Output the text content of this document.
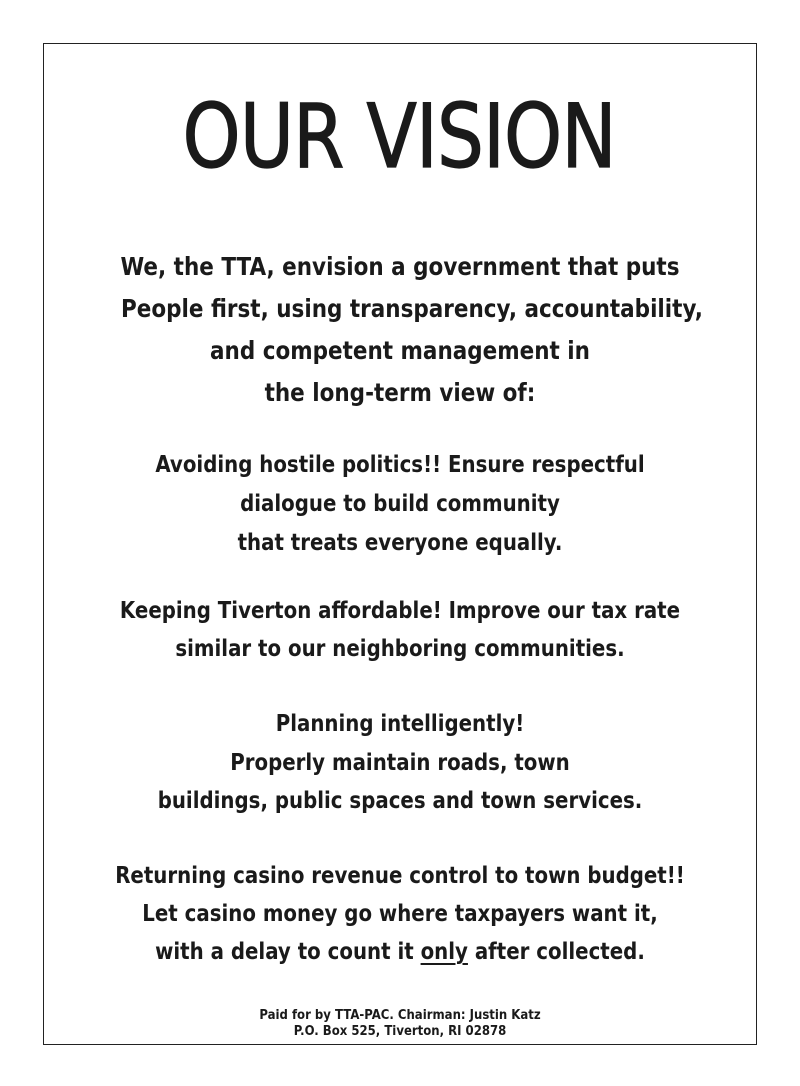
OUR VISION
We, the TTA, envision a government that puts
People first, using transparency, accountability,
and competent management in
the long-term view of:
Avoiding hostile politics!! Ensure respectful
dialogue to build community
that treats everyone equally.
Keeping Tiverton affordable! Improve our tax rate
similar to our neighboring communities.
Planning intelligently!
Properly maintain roads, town
buildings, public spaces and town services.
Returning casino revenue control to town budget!!
Let casino money go where taxpayers want it,
with a delay to count it only after collected.
Paid for by TTA-PAC. Chairman: Justin Katz
P.O. Box 525, Tiverton, RI 02878
